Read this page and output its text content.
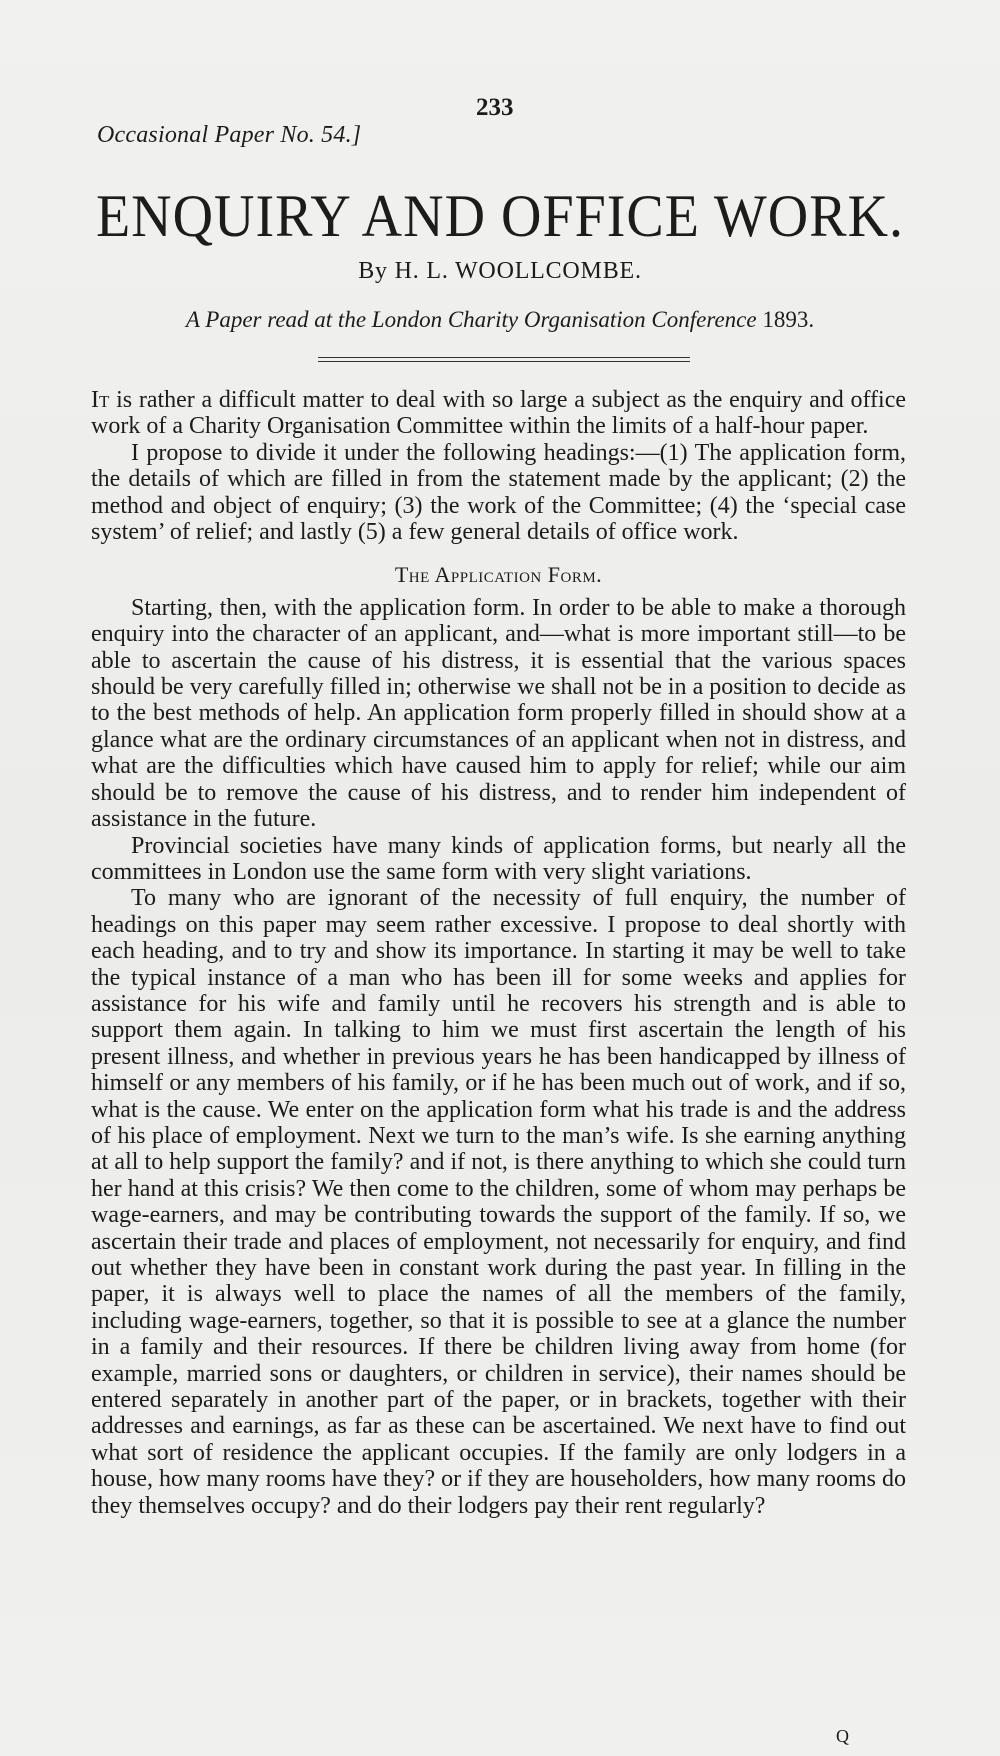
Occasional Paper No. 54.]
233
ENQUIRY AND OFFICE WORK.
By H. L. WOOLLCOMBE.
A Paper read at the London Charity Organisation Conference 1893.

It is rather a difficult matter to deal with so large a subject as the enquiry and office work of a Charity Organisation Committee within the limits of a half-hour paper.

I propose to divide it under the following headings:—(1) The application form, the details of which are filled in from the statement made by the applicant; (2) the method and object of enquiry; (3) the work of the Committee; (4) the ‘special case system’ of relief; and lastly (5) a few general details of office work.

The Application Form.

Starting, then, with the application form. In order to be able to make a thorough enquiry into the character of an applicant, and—what is more important still—to be able to ascertain the cause of his distress, it is essential that the various spaces should be very carefully filled in; otherwise we shall not be in a position to decide as to the best methods of help. An application form properly filled in should show at a glance what are the ordinary circumstances of an applicant when not in distress, and what are the difficulties which have caused him to apply for relief; while our aim should be to remove the cause of his distress, and to render him independent of assistance in the future.

Provincial societies have many kinds of application forms, but nearly all the committees in London use the same form with very slight variations.

To many who are ignorant of the necessity of full enquiry, the number of headings on this paper may seem rather excessive. I propose to deal shortly with each heading, and to try and show its importance. In starting it may be well to take the typical instance of a man who has been ill for some weeks and applies for assistance for his wife and family until he recovers his strength and is able to support them again. In talking to him we must first ascertain the length of his present illness, and whether in previous years he has been handicapped by illness of himself or any members of his family, or if he has been much out of work, and if so, what is the cause. We enter on the application form what his trade is and the address of his place of employment. Next we turn to the man’s wife. Is she earning anything at all to help support the family? and if not, is there anything to which she could turn her hand at this crisis? We then come to the children, some of whom may perhaps be wage-earners, and may be contributing towards the support of the family. If so, we ascertain their trade and places of employment, not necessarily for enquiry, and find out whether they have been in constant work during the past year. In filling in the paper, it is always well to place the names of all the members of the family, including wage-earners, together, so that it is possible to see at a glance the number in a family and their resources. If there be children living away from home (for example, married sons or daughters, or children in service), their names should be entered separately in another part of the paper, or in brackets, together with their addresses and earnings, as far as these can be ascertained. We next have to find out what sort of residence the applicant occupies. If the family are only lodgers in a house, how many rooms have they? or if they are householders, how many rooms do they themselves occupy? and do their lodgers pay their rent regularly?

Q
